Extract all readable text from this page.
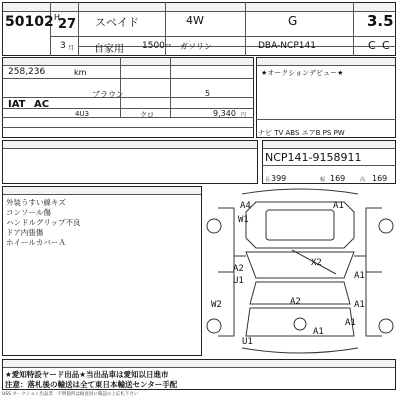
50102 H
27 スペイド	4W	G	3.5
3 月 自家用 1500 cc ガソリン	DBA-NCP141	C C
258,236	km
IAT AC
ブラウン	5
4U3	クロ	9,340 円
★オークションデビュー★
ナビ TV ABS エアB PS PW
NCP141-9158911
長 399	幅 169	高 169
外装うすい線キズ
コンソール傷
ハンドルグリップ不良
ドア内張傷
ホイールカバーＡ
A4	A1
W1
X2
A2
U1	A1
W2	A2	A1
A1
A1
U1
★愛知特設ヤード出品★当出品車は愛知以日進市
注意：落札後の輸送は全て東日本輸送センター手配
USS オークション出品票　不明箇所は検査員に確認の上応札下さい
